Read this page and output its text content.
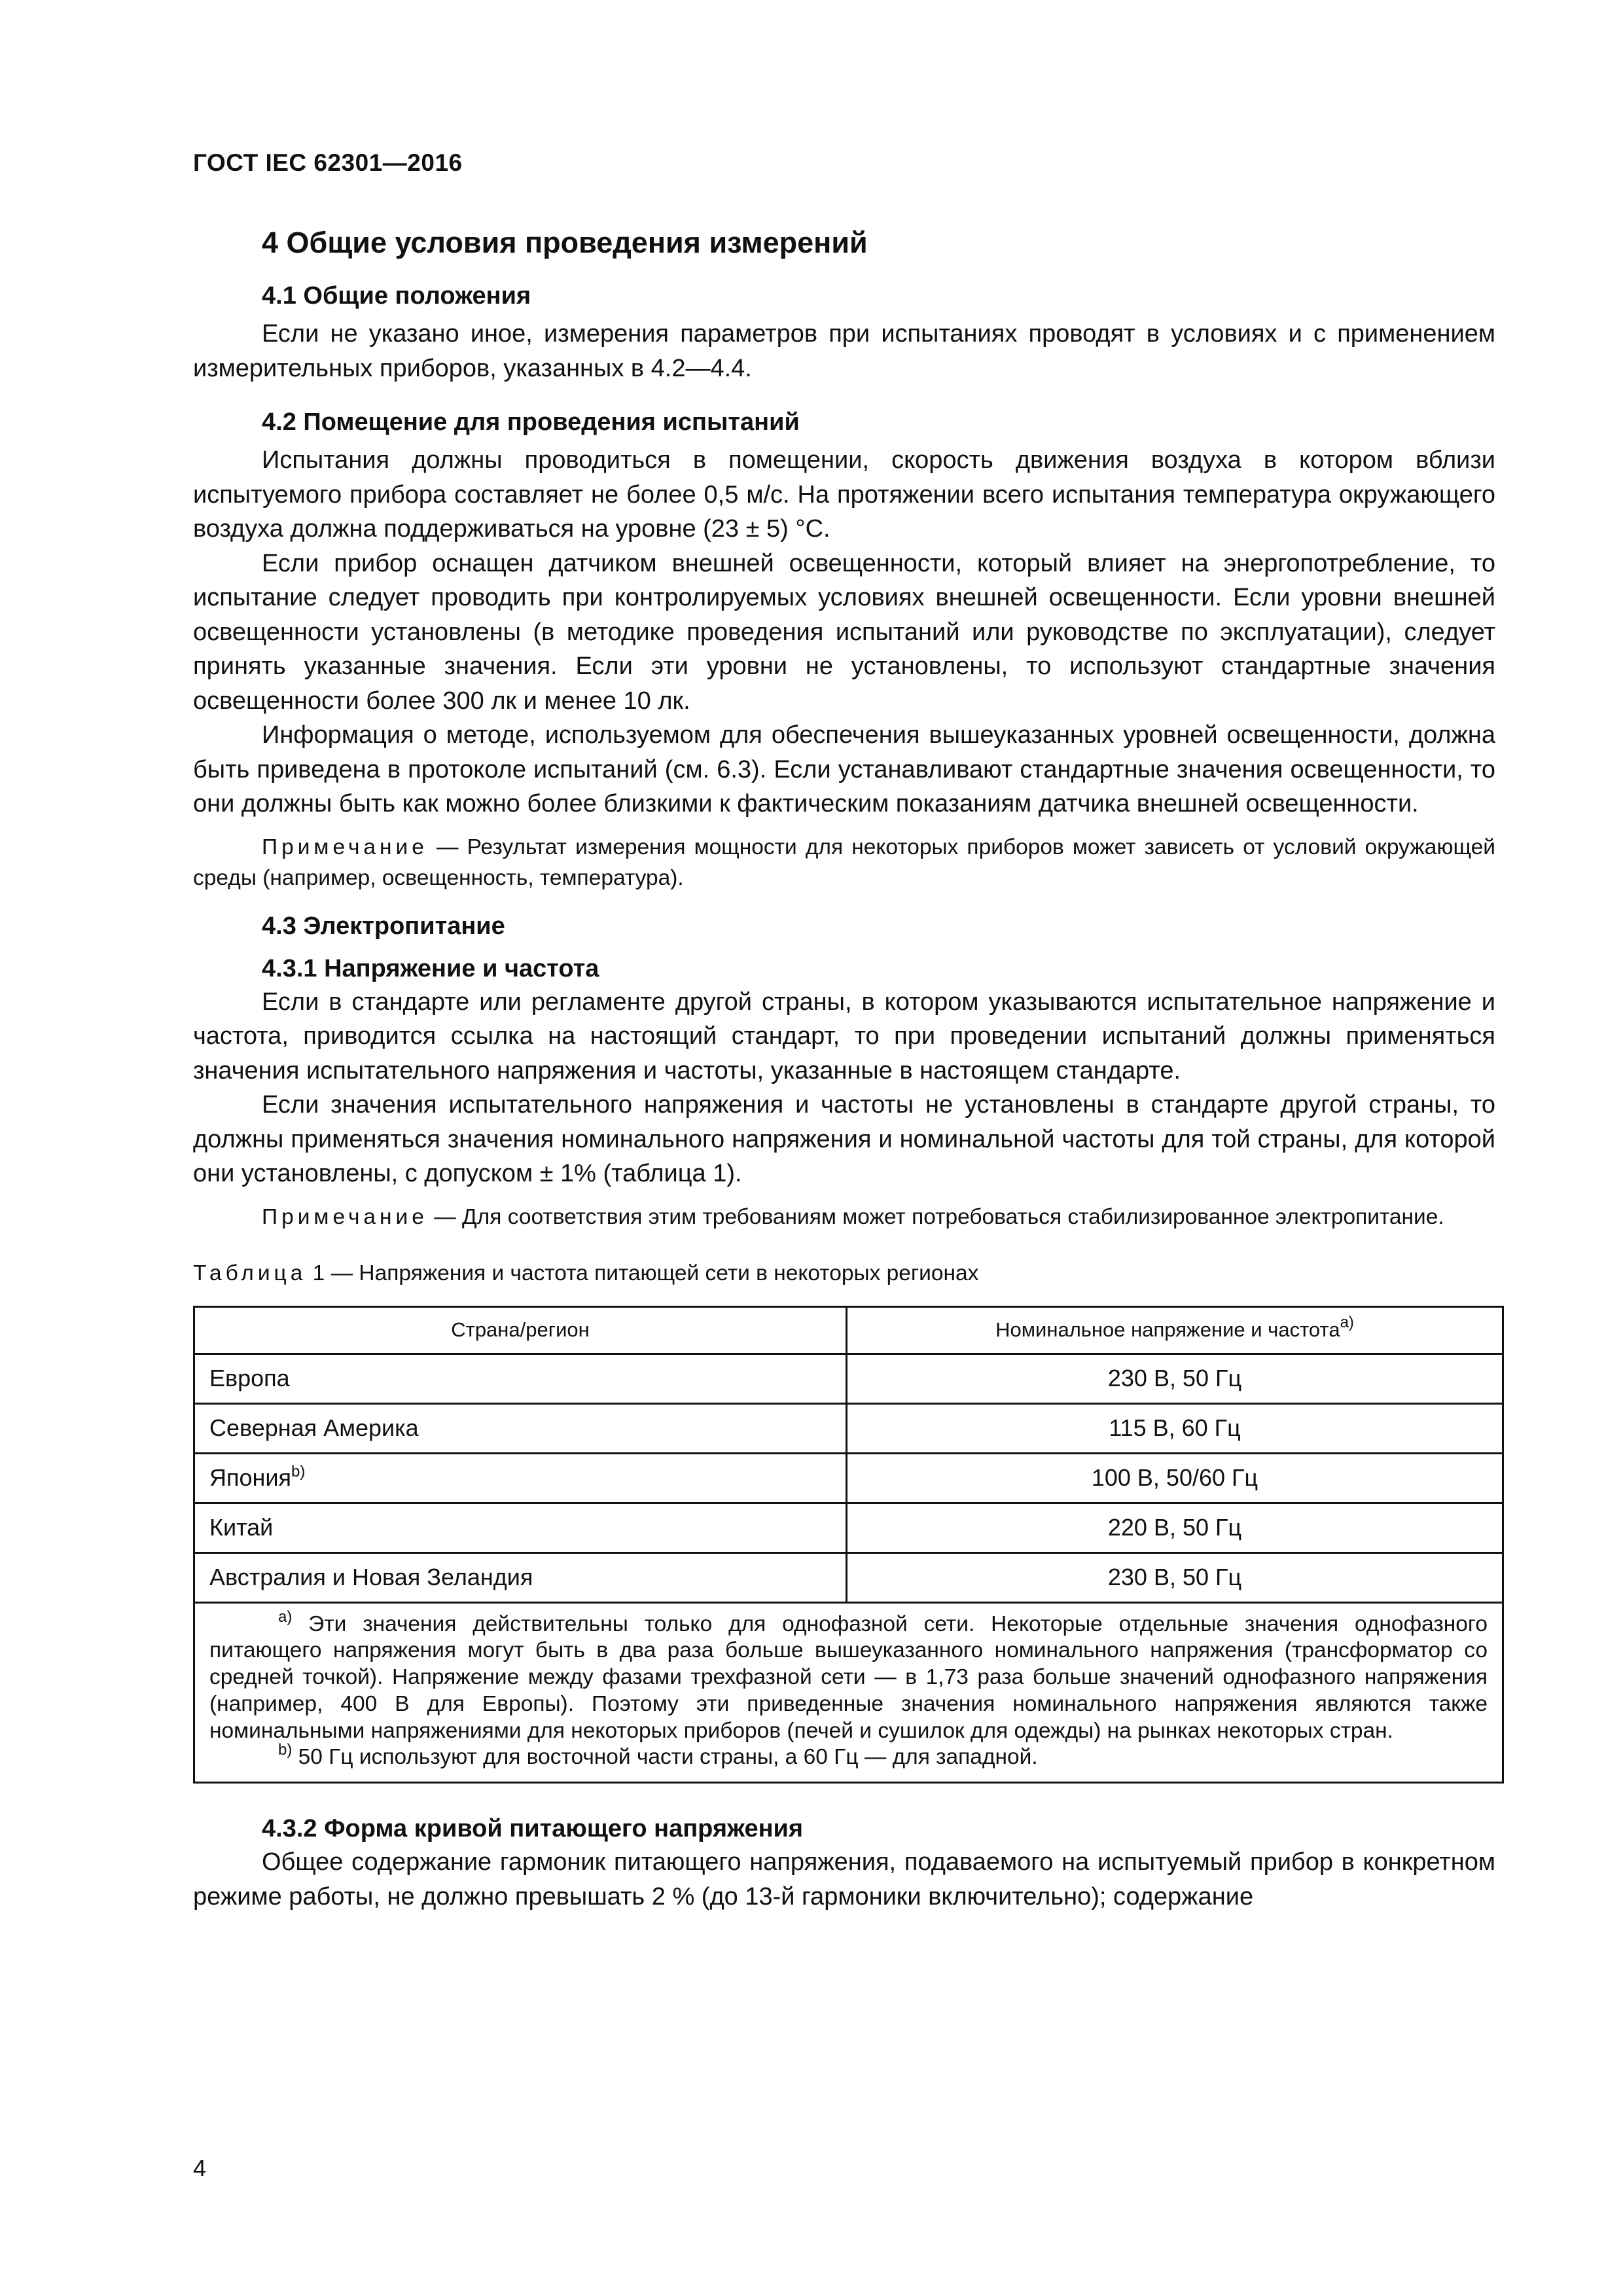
ГОСТ IEC 62301—2016
4 Общие условия проведения измерений
4.1 Общие положения

Если не указано иное, измерения параметров при испытаниях проводят в условиях и с применением измерительных приборов, указанных в 4.2—4.4.

4.2 Помещение для проведения испытаний

Испытания должны проводиться в помещении, скорость движения воздуха в котором вблизи испытуемого прибора составляет не более 0,5 м/с. На протяжении всего испытания температура окружающего воздуха должна поддерживаться на уровне (23 ± 5) °С.

Если прибор оснащен датчиком внешней освещенности, который влияет на энергопотребление, то испытание следует проводить при контролируемых условиях внешней освещенности. Если уровни внешней освещенности установлены (в методике проведения испытаний или руководстве по эксплуатации), следует принять указанные значения. Если эти уровни не установлены, то используют стандартные значения освещенности более 300 лк и менее 10 лк.

Информация о методе, используемом для обеспечения вышеуказанных уровней освещенности, должна быть приведена в протоколе испытаний (см. 6.3). Если устанавливают стандартные значения освещенности, то они должны быть как можно более близкими к фактическим показаниям датчика внешней освещенности.

Примечание — Результат измерения мощности для некоторых приборов может зависеть от условий окружающей среды (например, освещенность, температура).

4.3 Электропитание
4.3.1 Напряжение и частота

Если в стандарте или регламенте другой страны, в котором указываются испытательное напряжение и частота, приводится ссылка на настоящий стандарт, то при проведении испытаний должны применяться значения испытательного напряжения и частоты, указанные в настоящем стандарте.

Если значения испытательного напряжения и частоты не установлены в стандарте другой страны, то должны применяться значения номинального напряжения и номинальной частоты для той страны, для которой они установлены, с допуском ± 1% (таблица 1).

Примечание — Для соответствия этим требованиям может потребоваться стабилизированное электропитание.

Таблица 1 — Напряжения и частота питающей сети в некоторых регионах
Страна/регион	Номинальное напряжение и частота$^{a)}$
Европа	230 В, 50 Гц
Северная Америка	115 В, 60 Гц
Япония$^{b)}$	100 В, 50/60 Гц
Китай	220 В, 50 Гц
Австралия и Новая Зеландия	230 В, 50 Гц

$^{a)}$ Эти значения действительны только для однофазной сети. Некоторые отдельные значения однофазного питающего напряжения могут быть в два раза больше вышеуказанного номинального напряжения (трансформатор со средней точкой). Напряжение между фазами трехфазной сети — в 1,73 раза больше значений однофазного напряжения (например, 400 В для Европы). Поэтому эти приведенные значения номинального напряжения являются также номинальными напряжениями для некоторых приборов (печей и сушилок для одежды) на рынках некоторых стран.
$^{b)}$ 50 Гц используют для восточной части страны, а 60 Гц — для западной.	
4.3.2 Форма кривой питающего напряжения

Общее содержание гармоник питающего напряжения, подаваемого на испытуемый прибор в конкретном режиме работы, не должно превышать 2 % (до 13-й гармоники включительно); содержание

4
